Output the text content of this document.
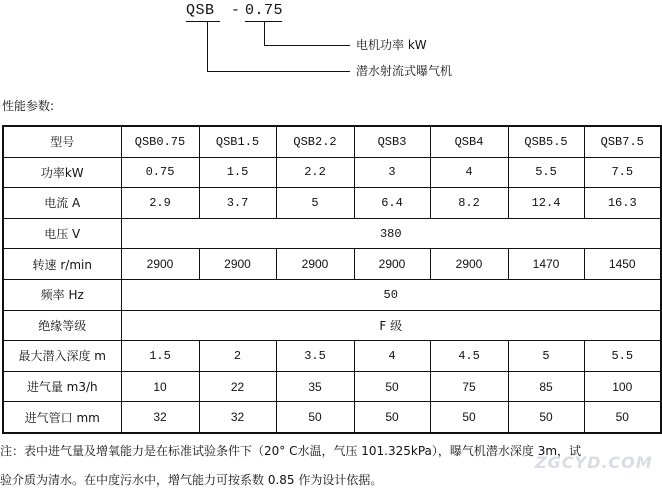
QSB - 0.75
电机功率 kW
潜水射流式曝气机
性能参数:
型号	QSB0.75	QSB1.5	QSB2.2	QSB3	QSB4	QSB5.5	QSB7.5
功率kW	0.75	1.5	2.2	3	4	5.5	7.5
电流 A	2.9	3.7	5	6.4	8.2	12.4	16.3
电压 V	380						
转速 r/min	2900	2900	2900	2900	2900	1470	1450
频率 Hz	50						
绝缘等级	F 级						
最大潜入深度 m	1.5	2	3.5	4	4.5	5	5.5
进气量 m3/h	10	22	35	50	75	85	100
进气管口 mm	32	32	50	50	50	50	50
注：表中进气量及增氧能力是在标准试验条件下（20° C水温，气压 101.325kPa），曝气机潜水深度 3m，试
ZGCYD.COM
验介质为清水。在中度污水中，增气能力可按系数 0.85 作为设计依据。
